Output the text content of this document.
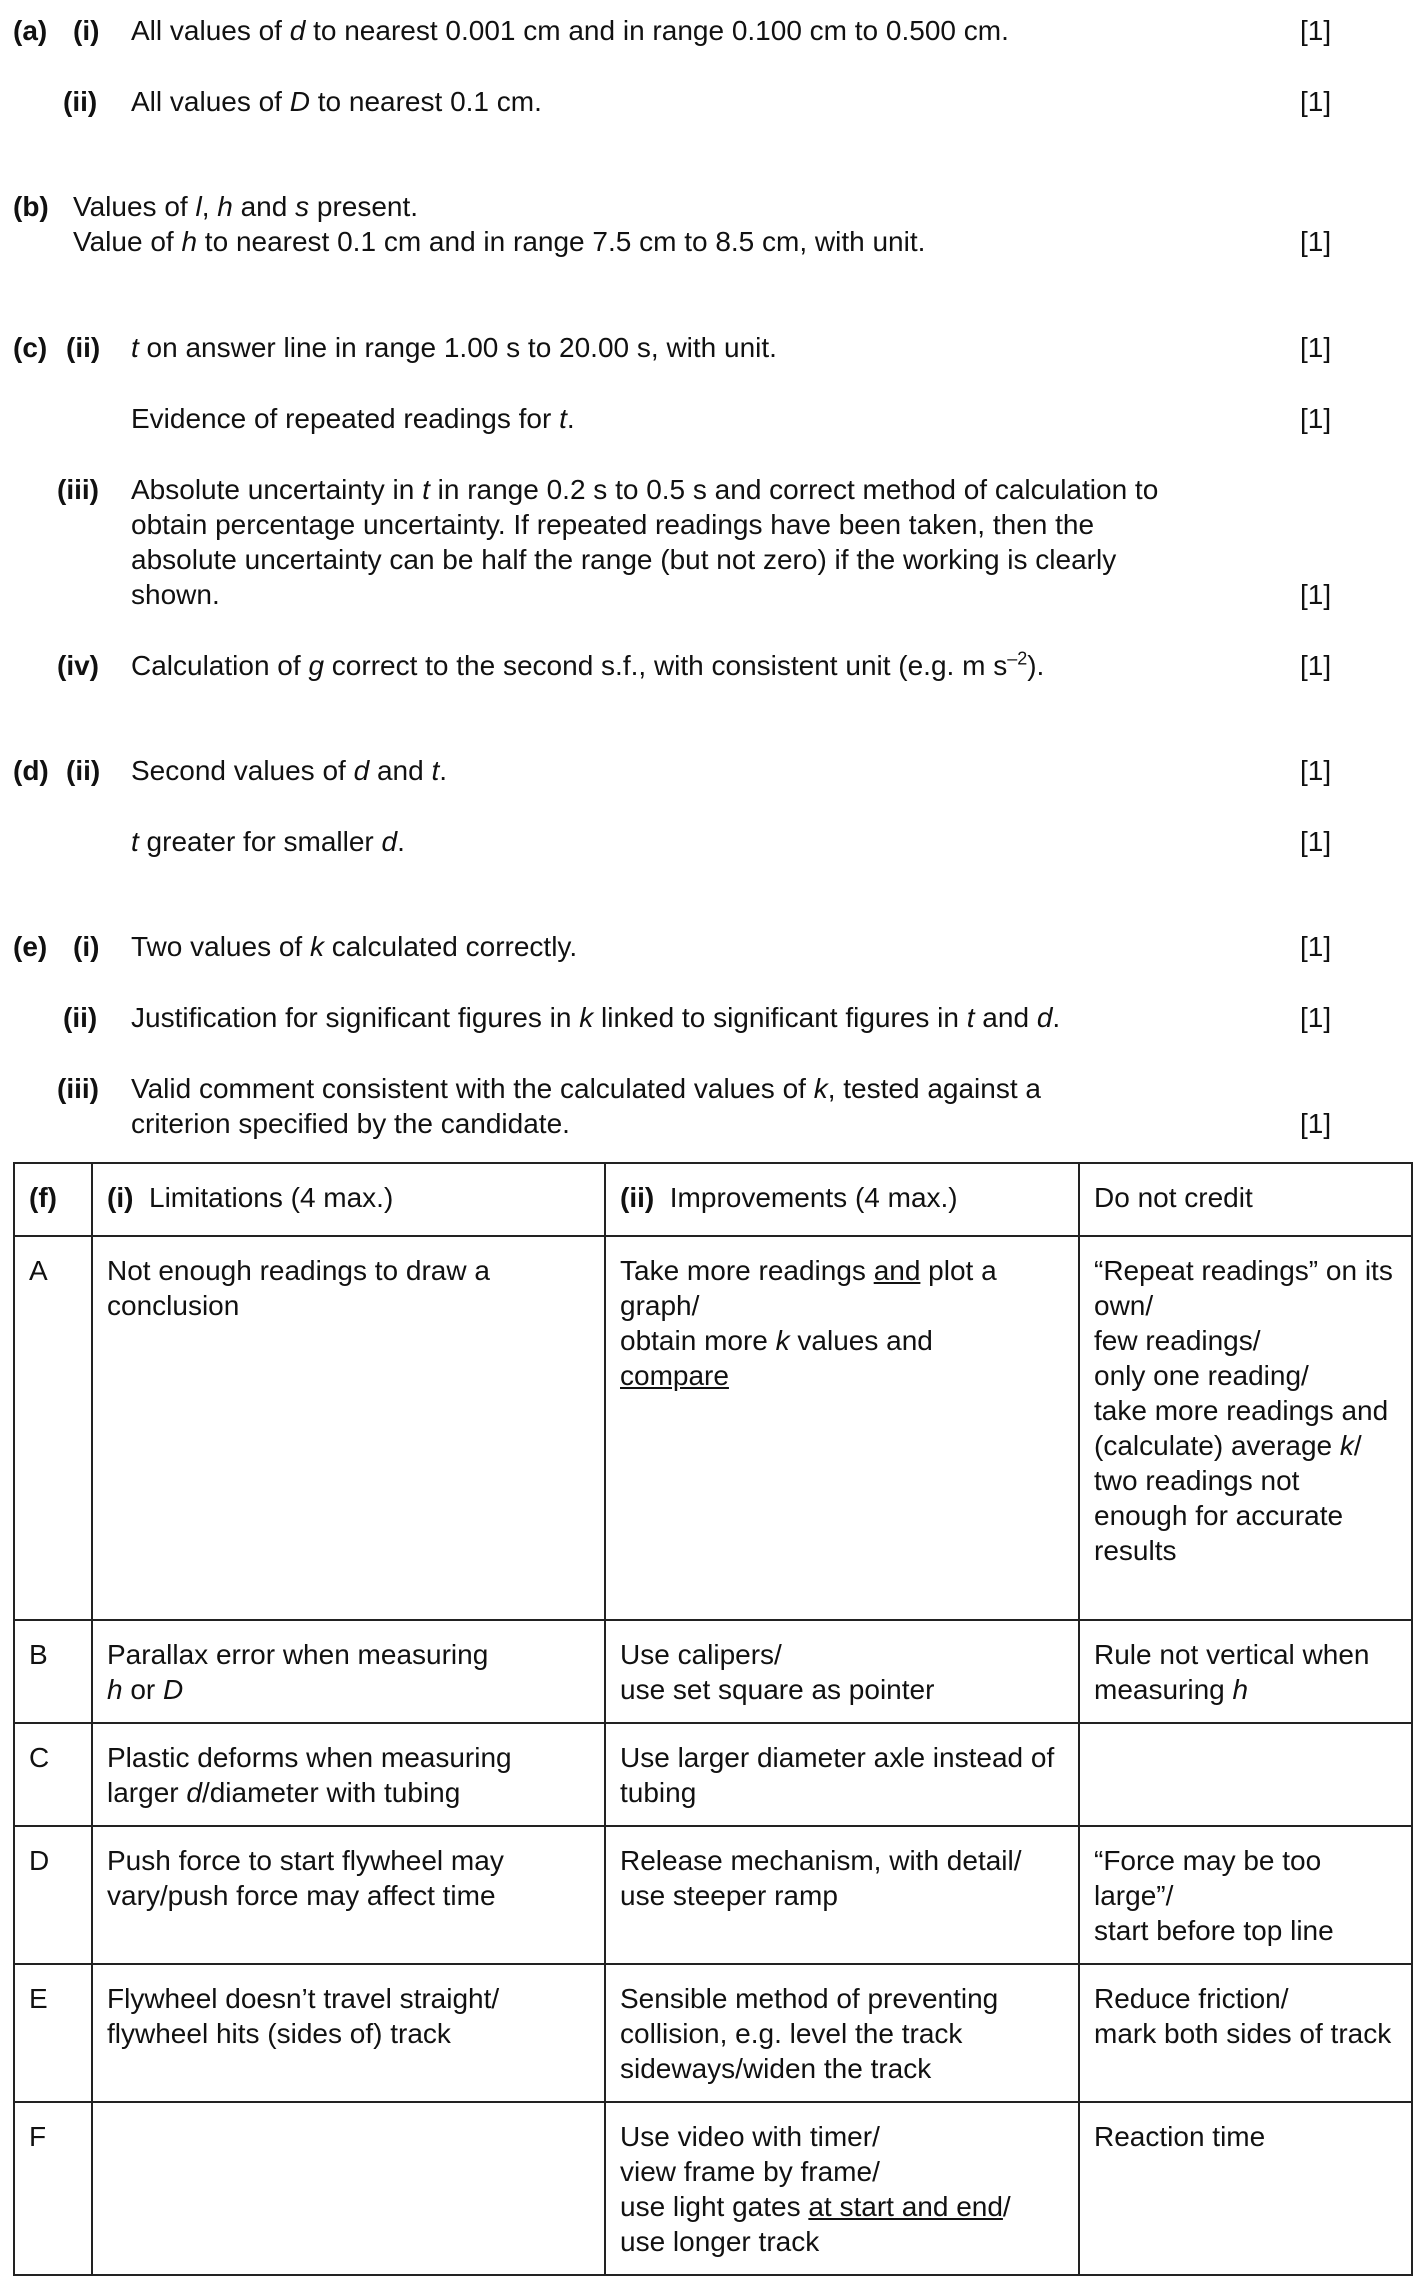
(a) (i) All values of d to nearest 0.001 cm and in range 0.100 cm to 0.500 cm.	[1]
(ii) All values of D to nearest 0.1 cm.	[1]
(b) Values of l, h and s present.
Value of h to nearest 0.1 cm and in range 7.5 cm to 8.5 cm, with unit.	[1]
(c) (ii) t on answer line in range 1.00 s to 20.00 s, with unit.	[1]
Evidence of repeated readings for t.	[1]
(iii) Absolute uncertainty in t in range 0.2 s to 0.5 s and correct method of calculation to
obtain percentage uncertainty. If repeated readings have been taken, then the
absolute uncertainty can be half the range (but not zero) if the working is clearly
shown.	[1]
(iv) Calculation of g correct to the second s.f., with consistent unit (e.g. m $s^{-2}$).	[1]
(d) (ii) Second values of d and t.	[1]
t greater for smaller d.	[1]
(e) (i) Two values of k calculated correctly.	[1]
(ii) Justification for significant figures in k linked to significant figures in t and d.	[1]
(iii) Valid comment consistent with the calculated values of k, tested against a
criterion specified by the candidate.	[1]
(f)	(i) Limitations (4 max.)	(ii) Improvements (4 max.)	Do not credit
A	Not enough readings to draw a conclusion	Take more readings and plot a graph/
obtain more k values and
compare	“Repeat readings” on its own/
few readings/
only one reading/
take more readings and (calculate) average k/
two readings not enough for accurate results
B	Parallax error when measuring
h or D	Use calipers/
use set square as pointer	Rule not vertical when measuring h
C	Plastic deforms when measuring larger d/diameter with tubing	Use larger diameter axle instead of tubing	
D	Push force to start flywheel may vary/push force may affect time	Release mechanism, with detail/
use steeper ramp	“Force may be too large”/
start before top line
E	Flywheel doesn’t travel straight/
flywheel hits (sides of) track	Sensible method of preventing collision, e.g. level the track sideways/widen the track	Reduce friction/
mark both sides of track
F		Use video with timer/
view frame by frame/
use light gates at start and end/
use longer track	Reaction time
